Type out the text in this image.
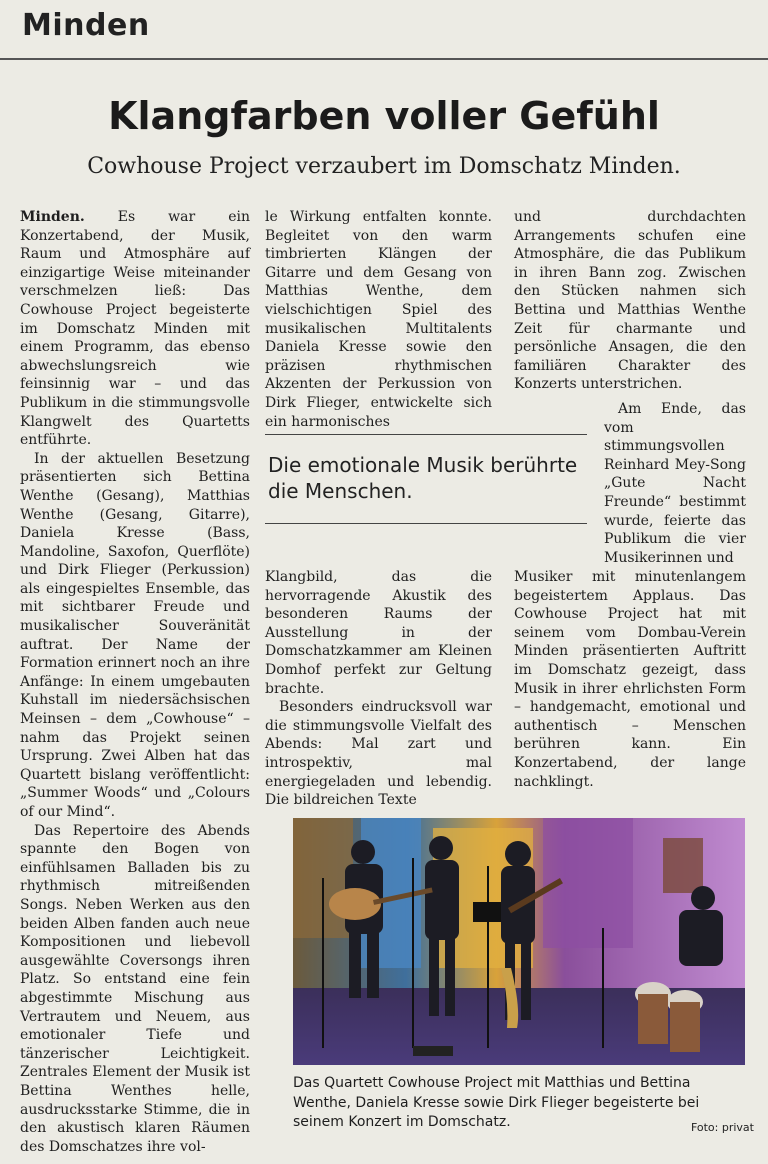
Minden
Klangfarben voller Gefühl
Cowhouse Project verzaubert im Domschatz Minden.

Minden. Es war ein Konzertabend, der Musik, Raum und Atmosphäre auf einzigartige Weise miteinander verschmelzen ließ: Das Cowhouse Project begeisterte im Domschatz Minden mit einem Programm, das ebenso abwechslungsreich wie feinsinnig war – und das Publikum in die stimmungsvolle Klangwelt des Quartetts entführte.

In der aktuellen Besetzung präsentierten sich Bettina Wenthe (Gesang), Matthias Wenthe (Gesang, Gitarre), Daniela Kresse (Bass, Mandoline, Saxofon, Querflöte) und Dirk Flieger (Perkussion) als eingespieltes Ensemble, das mit sichtbarer Freude und musikalischer Souveränität auftrat. Der Name der Formation erinnert noch an ihre Anfänge: In einem umgebauten Kuhstall im niedersächsischen Meinsen – dem „Cowhouse“ – nahm das Projekt seinen Ursprung. Zwei Alben hat das Quartett bislang veröffentlicht: „Summer Woods“ und „Colours of our Mind“.

Das Repertoire des Abends spannte den Bogen von einfühlsamen Balladen bis zu rhythmisch mitreißenden Songs. Neben Werken aus den beiden Alben fanden auch neue Kompositionen und liebevoll ausgewählte Coversongs ihren Platz. So entstand eine fein abgestimmte Mischung aus Vertrautem und Neuem, aus emotionaler Tiefe und tänzerischer Leichtigkeit. Zentrales Element der Musik ist Bettina Wenthes helle, ausdrucksstarke Stimme, die in den akustisch klaren Räumen des Domschatzes ihre vol-

le Wirkung entfalten konnte. Begleitet von den warm timbrierten Klängen der Gitarre und dem Gesang von Matthias Wenthe, dem vielschichtigen Spiel des musikalischen Multitalents Daniela Kresse sowie den präzisen rhythmischen Akzenten der Perkussion von Dirk Flieger, entwickelte sich ein harmonisches

Die emotionale Musik berührte die Menschen.

Klangbild, das die hervorragende Akustik des besonderen Raums der Ausstellung in der Domschatzkammer am Kleinen Domhof perfekt zur Geltung brachte.

Besonders eindrucksvoll war die stimmungsvolle Vielfalt des Abends: Mal zart und introspektiv, mal energiegeladen und lebendig. Die bildreichen Texte

und durchdachten Arrangements schufen eine Atmosphäre, die das Publikum in ihren Bann zog. Zwischen den Stücken nahmen sich Bettina und Matthias Wenthe Zeit für charmante und persönliche Ansagen, die den familiären Charakter des Konzerts unterstrichen.

Am Ende, das vom stimmungsvollen Reinhard Mey-Song „Gute Nacht Freunde“ bestimmt wurde, feierte das Publikum die vier Musikerinnen und

Musiker mit minutenlangem begeistertem Applaus. Das Cowhouse Project hat mit seinem vom Dombau-Verein Minden präsentierten Auftritt im Domschatz gezeigt, dass Musik in ihrer ehrlichsten Form – handgemacht, emotional und authentisch – Menschen berühren kann. Ein Konzertabend, der lange nachklingt.

Das Quartett Cowhouse Project mit Matthias und Bettina Wenthe, Daniela Kresse sowie Dirk Flieger begeisterte bei seinem Konzert im Domschatz.	Foto: privat
